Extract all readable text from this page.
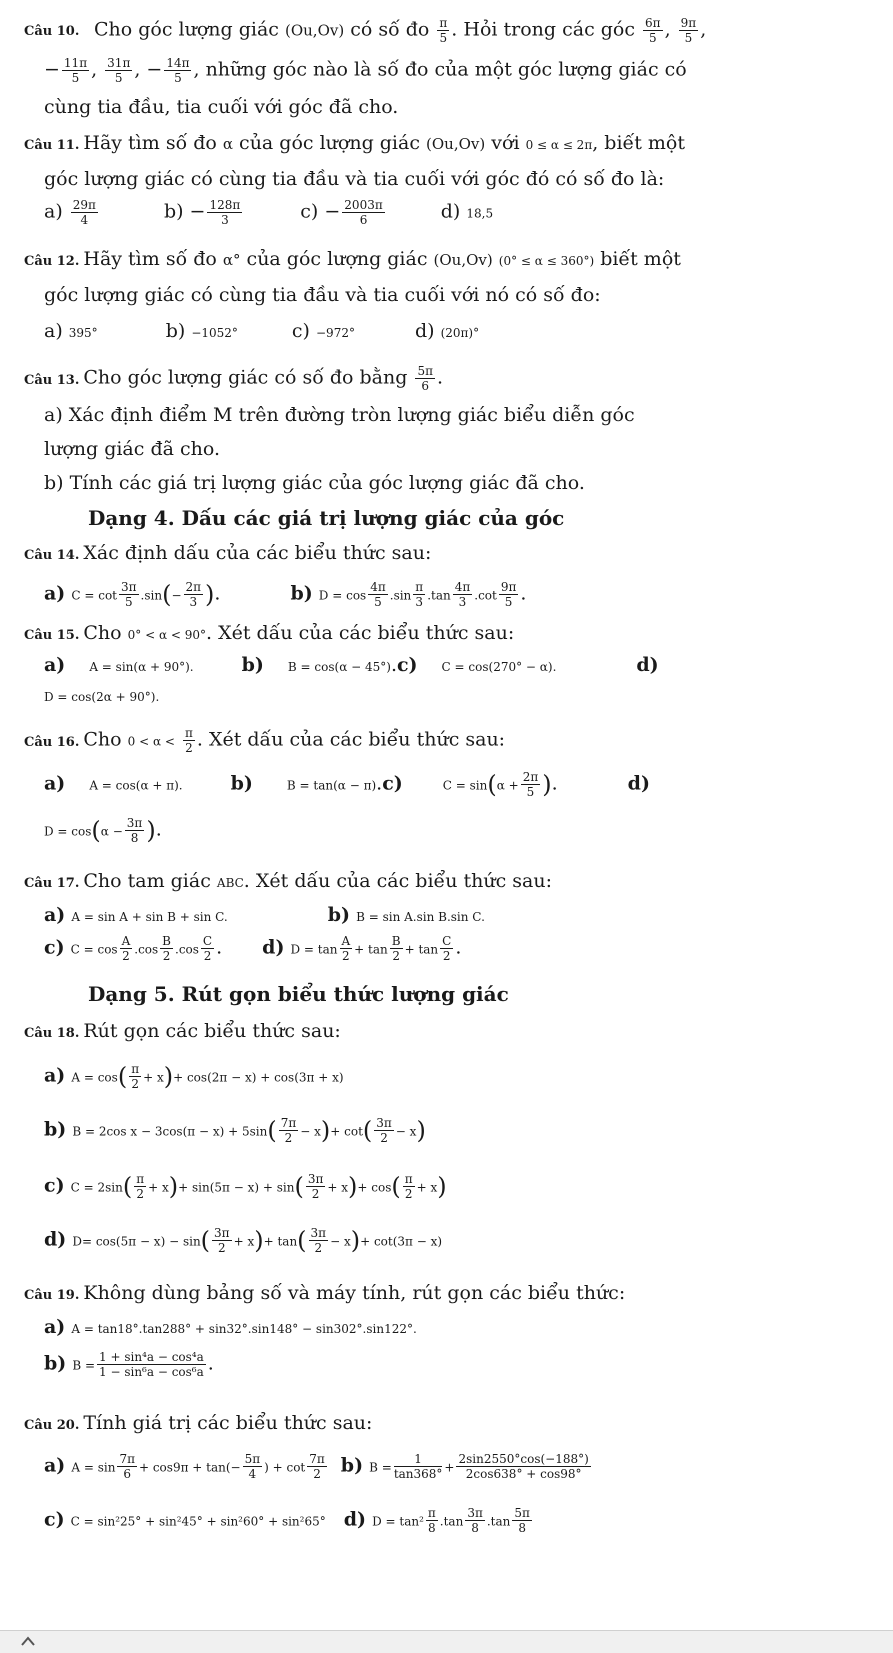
Câu 10. Cho góc lượng giác (Ou,Ov) có số đo $\frac{\pi}{5}$ . Hỏi trong các góc $\frac{6\pi}{5}$ , $\frac{9\pi}{5}$ ,
− $\frac{11\pi}{5}$ , $\frac{31\pi}{5}$ , − $\frac{14\pi}{5}$ , những góc nào là số đo của một góc lượng giác có
cùng tia đầu, tia cuối với góc đã cho.
Câu 11. Hãy tìm số đo α của góc lượng giác (Ou,Ov) với 0 ≤ α ≤ 2π, biết một
góc lượng giác có cùng tia đầu và tia cuối với góc đó có số đo là:
$a) \frac{29\pi}{4}$	$b) - \frac{128\pi}{3}$	$c) - \frac{2003\pi}{6}$	d) 18,5
Câu 12. Hãy tìm số đo α° của góc lượng giác (Ou,Ov) (0° ≤ α ≤ 360°) biết một
góc lượng giác có cùng tia đầu và tia cuối với nó có số đo:
a) 395°	b) −1052°	c) −972°	d) (20π)°
Câu 13. Cho góc lượng giác có số đo bằng $\frac{5\pi}{6}$ .
a) Xác định điểm M trên đường tròn lượng giác biểu diễn góc
lượng giác đã cho.
b) Tính các giá trị lượng giác của góc lượng giác đã cho.
Dạng 4. Dấu các giá trị lượng giác của góc
Câu 14. Xác định dấu của các biểu thức sau:
a) $C = \cot \frac{3\pi}{5} .\sin(- \frac{2\pi}{3}$ ).	b) $D = \cos \frac{4\pi}{5} .\sin \frac{\pi}{3} .\tan \frac{4\pi}{3} .\cot \frac{9\pi}{5}$ .
Câu 15. Cho 0° < α < 90°. Xét dấu của các biểu thức sau:
a) A = sin(α + 90°).	b) B = cos(α − 45°).c) C = cos(270° − α).	d)
D = cos(2α + 90°).
Câu 16. Cho $0 < \alpha < \frac{\pi}{2}$ . Xét dấu của các biểu thức sau:
a) A = cos(α + π).	b)	B = tan(α − π).c)	$C = \sin(\alpha + \frac{2\pi}{5}$ ).	d)
$D = \cos(\alpha - \frac{3\pi}{8}$ ).
Câu 17. Cho tam giác ABC. Xét dấu của các biểu thức sau:
a) A = sin A + sin B + sin C.	b) B = sin A.sin B.sin C.
c) $C = \cos \frac{A}{2} .\cos \frac{B}{2} .\cos \frac{C}{2}$ . d) $D = \tan \frac{A}{2} + \tan \frac{B}{2} + \tan \frac{C}{2}$ .
Dạng 5. Rút gọn biểu thức lượng giác
Câu 18. Rút gọn các biểu thức sau:
a) $A = \cos( \frac{\pi}{2} + x)+ \cos(2\pi - x) + \cos(3\pi + x)$
b) B = 2cos $x - 3\cos(\pi - x) + 5\sin( \frac{7\pi}{2} - x)+ \cot( \frac{3\pi}{2} - x)$
c) $C = 2\sin( \frac{\pi}{2} + x)+ \sin(5\pi - x) + \sin( \frac{3\pi}{2} + x)+ \cos( \frac{\pi}{2} + x)$
d) $D= \cos(5\pi - x) - \sin( \frac{3\pi}{2} + x)+ \tan( \frac{3\pi}{2} - x)+ \cot(3\pi - x)$
Câu 19. Không dùng bảng số và máy tính, rút gọn các biểu thức:
a) A = tan18°.tan288° + sin32°.sin148° − sin302°.sin122°.
b) $B = \frac{\text{1 + sin⁴a − cos⁴a}}{\text{1 − sin⁶a − cos⁶a}}$ .
Câu 20. Tính giá trị các biểu thức sau:
a) $A = \sin \frac{7\pi}{6} + \cos 9\pi + \tan(- \frac{5\pi}{4}$ ) + $\cot \frac{7\pi}{2} b$) $B = \frac{1}{\tan 368^\circ} + \frac{2\sin 2550^\circ\cos(-188^\circ)}{2\cos 638^\circ + \cos 98^\circ}$
c) C = sin²25° + sin²45° + sin²60° + sin²65° d) $D = \tan^2 \frac{\pi}{8} .\tan \frac{3\pi}{8} .\tan \frac{5\pi}{8}$
